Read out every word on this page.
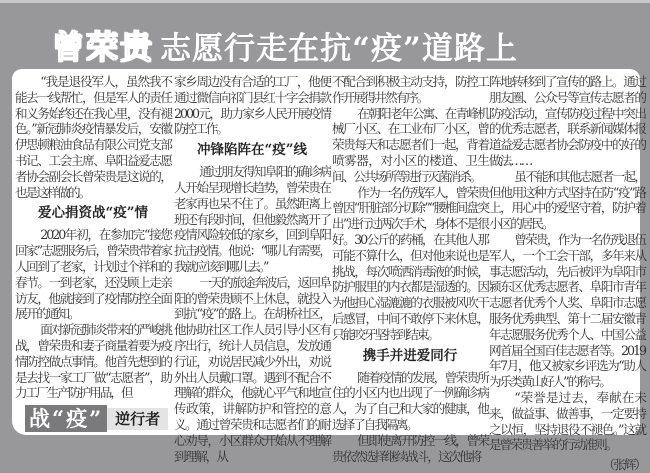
曾荣贵 志愿行走在抗“疫”道路上

“我是退役军人，虽然我不能去一线帮忙，但是军人的责任和义务始终还在我心里，没有褪色。”新冠肺炎疫情暴发后，安徽伊思顿粮油食品有限公司党支部书记、工会主席、阜阳益爱志愿者协会副会长曾荣贵是这说的，也是这样做的。

爱心捐资战“疫”情

2020年初，在参加完“接您回家”志愿服务后，曾荣贵带着家人回到了老家，计划过个祥和的春节。一到老家，还没顾上走亲访友，他就接到了疫情防控全面展开的通知。

面对新冠肺炎带来的严峻挑战，曾荣贵和妻子商量着要为疫情防控做点事情。他首先想到的是去找一家工厂做“志愿者”，助力工厂生产防护用品，但

家乡周边没有合适的工厂，他便通过微信向祁门县红十字会捐款2000元，助力家乡人民开展疫情防控工作。

冲锋陷阵在“疫”线

通过朋友得知阜阳的确诊病人开始呈现增长趋势，曾荣贵在老家再也呆不住了。虽然距离上班还有段时间，但他毅然离开了疫情风险较低的家乡，回到阜阳抗击疫情。他说：“哪儿有需要，我就应该到哪儿去。”

一天的旅途奔波后，返回阜阳的曾荣贵顾不上休息，就投入到抗“疫”的路上。在胡桥社区，他协助社区工作人员引导小区有序出行，统计人员信息，发放通行证，劝说居民减少外出，劝说外出人员戴口罩。遇到不配合不理解的群众，他就心平气和地宣传政策，讲解防护和管控的意义。通过曾荣贵和志愿者们的耐心劝导，小区群众开始从不理解到理解，从

不配合到积极主动支持，防控工作开展得井然有序。

在朝阳老年公寓、在青峰机械厂小区、在工业布厂小区，曾荣贵每天和志愿者们一起，背着喷雾器，对小区的楼道、卫生间、公共场所等进行灭菌消杀。

作为一名伤残军人，曾荣贵曾因“肝脏部分切除”“腰椎间盘突出”进行过两次手术，身体不是很好。30公斤的药桶，在其他人那可能不算什么，但对他来说也是挑战，每次喷洒消毒液的时候，防护服里的内衣都是湿透的。因为他担心湿漉漉的衣服被风吹干后感冒，中间不敢停下来休息，只能咬牙坚持到结束。

携手并进爱同行

随着疫情的发展，曾荣贵所住的小区内也出现了一例确诊病人，为了自己和大家的健康，他选择了自我隔离。

但即使离开防控一线，曾荣贵依然选择继续战斗，这次他将

阵地转移到了宣传的路上。通过朋友圈、公众号等宣传志愿者的防疫活动，宣传防疫过程中突出的优秀志愿者，联系新闻媒体报道益爱志愿者协会防疫中的好的做法……

虽不能和其他志愿者一起，但他用这种方式坚持在防“疫”路上，用心中的爱坚守着，防护着小区的居民。

曾荣贵，作为一名伤残退伍军人，一个工会干部，多年来从事志愿活动，先后被评为阜阳市颍东区优秀志愿者、阜阳市青年志愿者优秀个人奖、阜阳市志愿服务优秀典型、第十二届安徽青年志愿服务优秀个人、中国公益网首届全国百佳志愿者等。2019年7月，他又被家乡评选为“助人为乐类黄山好人”的称号。

“荣誉是过去，奉献在未来，做益事、做善事，一定要持之以恒，坚持退役不褪色。”这就是曾荣贵善举的行动准则。

（张辉）

战“疫” 逆行者
